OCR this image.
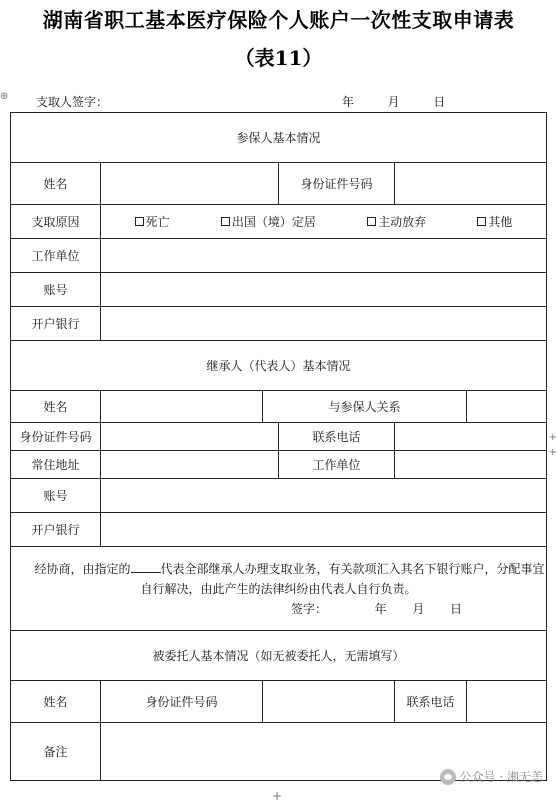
湖南省职工基本医疗保险个人账户一次性支取申请表
（表11）
⊕
+
+
+
支取人签字：	年	月	日
参保人基本情况					
姓名			身份证件号码		
支取原因	死亡 出国（境）定居 主动放弃 其他				

工作单位					
账号					
开户银行					
继承人（代表人）基本情况					
姓名		与参保人关系			
身份证件号码			联系电话		
常住地址			工作单位		
账号					
开户银行					

经协商，由指定的 代表全部继承人办理支取业务，有关款项汇入其名下银行账户，分配事宜自行解决，由此产生的法律纠纷由代表人自行负责。
签字： 年 月 日					

被委托人基本情况（如无被委托人，无需填写）					
姓名	身份证件号码			联系电话	
备注					
公众号 · 湘无恙
